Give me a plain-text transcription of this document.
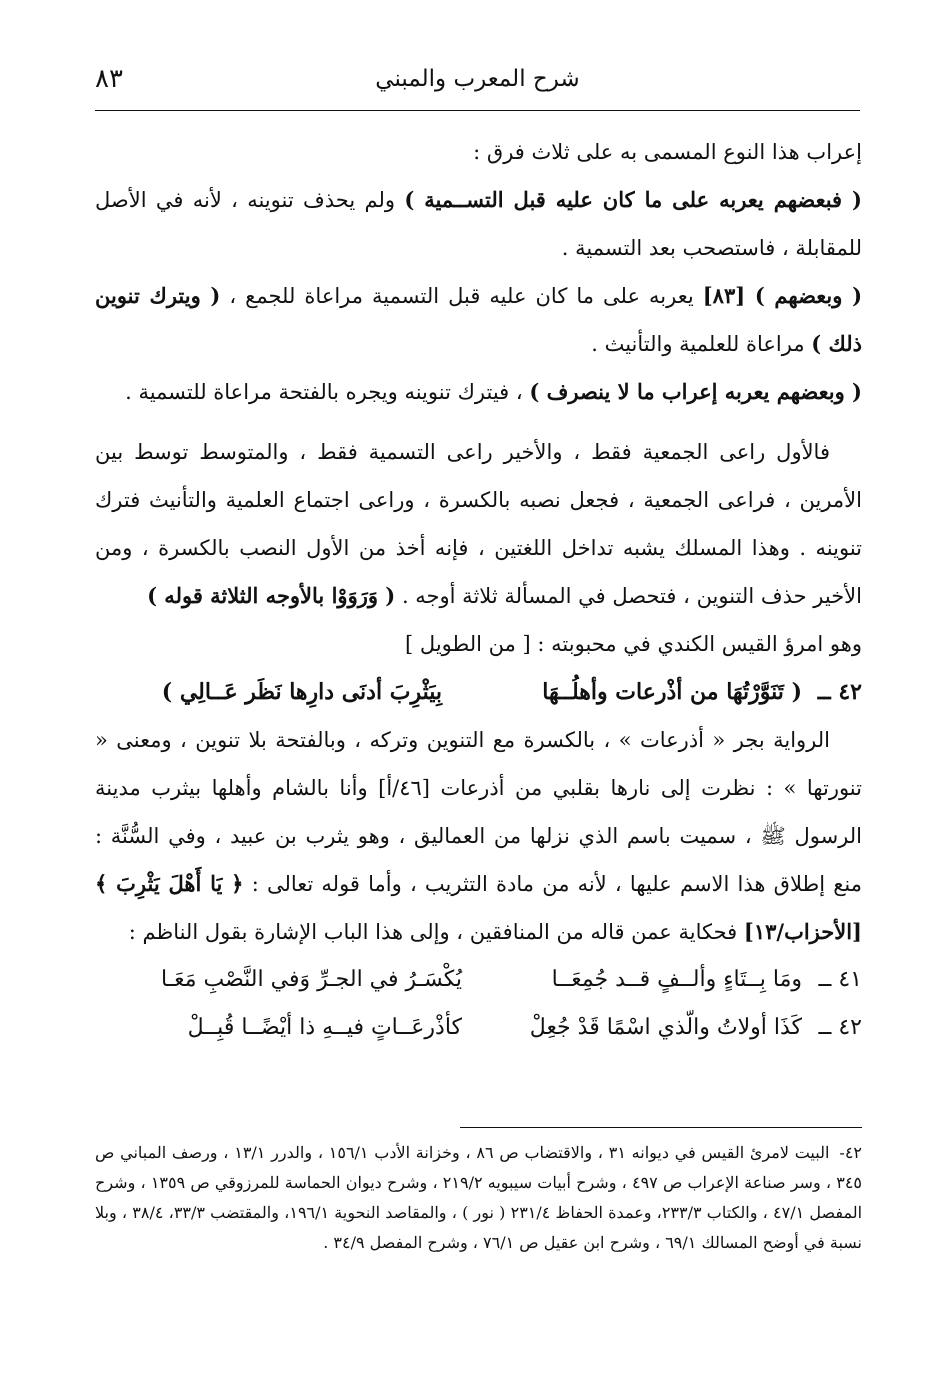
٨٣	شرح المعرب والمبني

إعراب هذا النوع المسمى به على ثلاث فرق :

( فبعضهم يعربه على ما كان عليه قبل التســمية ) ولم يحذف تنوينه ، لأنه في الأصل للمقابلة ، فاستصحب بعد التسمية .

( وبعضهم ) [٨٣] يعربه على ما كان عليه قبل التسمية مراعاة للجمع ، ( ويترك تنوين ذلك ) مراعاة للعلمية والتأنيث .

( وبعضهم يعربه إعراب ما لا ينصرف ) ، فيترك تنوينه ويجره بالفتحة مراعاة للتسمية .

فالأول راعى الجمعية فقط ، والأخير راعى التسمية فقط ، والمتوسط توسط بين الأمرين ، فراعى الجمعية ، فجعل نصبه بالكسرة ، وراعى اجتماع العلمية والتأنيث فترك تنوينه . وهذا المسلك يشبه تداخل اللغتين ، فإنه أخذ من الأول النصب بالكسرة ، ومن الأخير حذف التنوين ، فتحصل في المسألة ثلاثة أوجه . ( وَرَوَوْا بالأوجه الثلاثة قوله )

وهو امرؤ القيس الكندي في محبوبته : [ من الطويل ]

٤٢ ــ( تَنَوَّرْتُهَا من أذْرعات وأهلُــهَابِيَثْرِبَ أدنَى دارِها نَظَر عَــالِي )

الرواية بجر « أذرعات » ، بالكسرة مع التنوين وتركه ، وبالفتحة بلا تنوين ، ومعنى « تنورتها » : نظرت إلى نارها بقلبي من أذرعات [٤٦/أ] وأنا بالشام وأهلها بيثرب مدينة الرسول ﷺ ، سميت باسم الذي نزلها من العماليق ، وهو يثرب بن عبيد ، وفي السُّنَّة : منع إطلاق هذا الاسم عليها ، لأنه من مادة التثريب ، وأما قوله تعالى : ﴿ يَا أَهْلَ يَثْرِبَ ﴾ [الأحزاب/١٣] فحكاية عمن قاله من المنافقين ، وإلى هذا الباب الإشارة بقول الناظم :

٤١ ــومَا بِــتَاءٍ وألــفٍ قــد جُمِعَــايُكْسَـرُ في الجـرِّ وَفي النَّصْبِ مَعَـا
٤٢ ــكَذَا أولاتُ والّذي اسْمًا قَدْ جُعِلْكأذْرعَــاتٍ فيــهِ ذا أيْضًــا قُبِــلْ
٤٢-البيت لامرئ القيس في ديوانه ٣١ ، والاقتضاب ص ٨٦ ، وخزانة الأدب ١٥٦/١ ، والدرر ١٣/١ ، ورصف المباني ص ٣٤٥ ، وسر صناعة الإعراب ص ٤٩٧ ، وشرح أبيات سيبويه ٢١٩/٢ ، وشرح ديوان الحماسة للمرزوقي ص ١٣٥٩ ، وشرح المفصل ٤٧/١ ، والكتاب ٢٣٣/٣، وعمدة الحفاظ ٢٣١/٤ ( نور ) ، والمقاصد النحوية ١٩٦/١، والمقتضب ٣٣/٣، ٣٨/٤ ، وبلا نسبة في أوضح المسالك ٦٩/١ ، وشرح ابن عقيل ص ٧٦/١ ، وشرح المفصل ٣٤/٩ .
